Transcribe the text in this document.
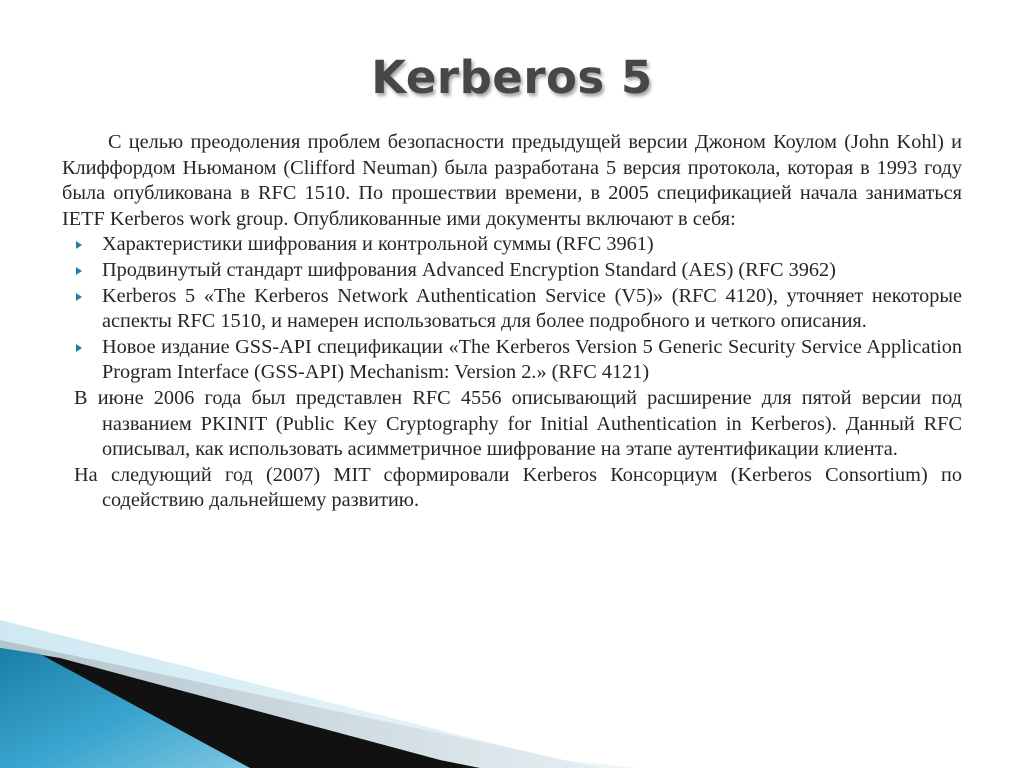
Kerberos 5

С целью преодоления проблем безопасности предыдущей версии Джоном Коулом (John Kohl) и Клиффордом Ньюманом (Clifford Neuman) была разработана 5 версия протокола, которая в 1993 году была опубликована в RFC 1510. По прошествии времени, в 2005 спецификацией начала заниматься IETF Kerberos work group. Опубликованные ими документы включают в себя:

Характеристики шифрования и контрольной суммы (RFC 3961)
Продвинутый стандарт шифрования Advanced Encryption Standard (AES) (RFC 3962)
Kerberos 5 «The Kerberos Network Authentication Service (V5)» (RFC 4120), уточняет некоторые аспекты RFC 1510, и намерен использоваться для более подробного и четкого описания.
Новое издание GSS-API спецификации «The Kerberos Version 5 Generic Security Service Application Program Interface (GSS-API) Mechanism: Version 2.» (RFC 4121)

В июне 2006 года был представлен RFC 4556 описывающий расширение для пятой версии под названием PKINIT (Public Key Cryptography for Initial Authentication in Kerberos). Данный RFC описывал, как использовать асимметричное шифрование на этапе аутентификации клиента.

На следующий год (2007) MIT сформировали Kerberos Консорциум (Kerberos Consortium) по содействию дальнейшему развитию.
